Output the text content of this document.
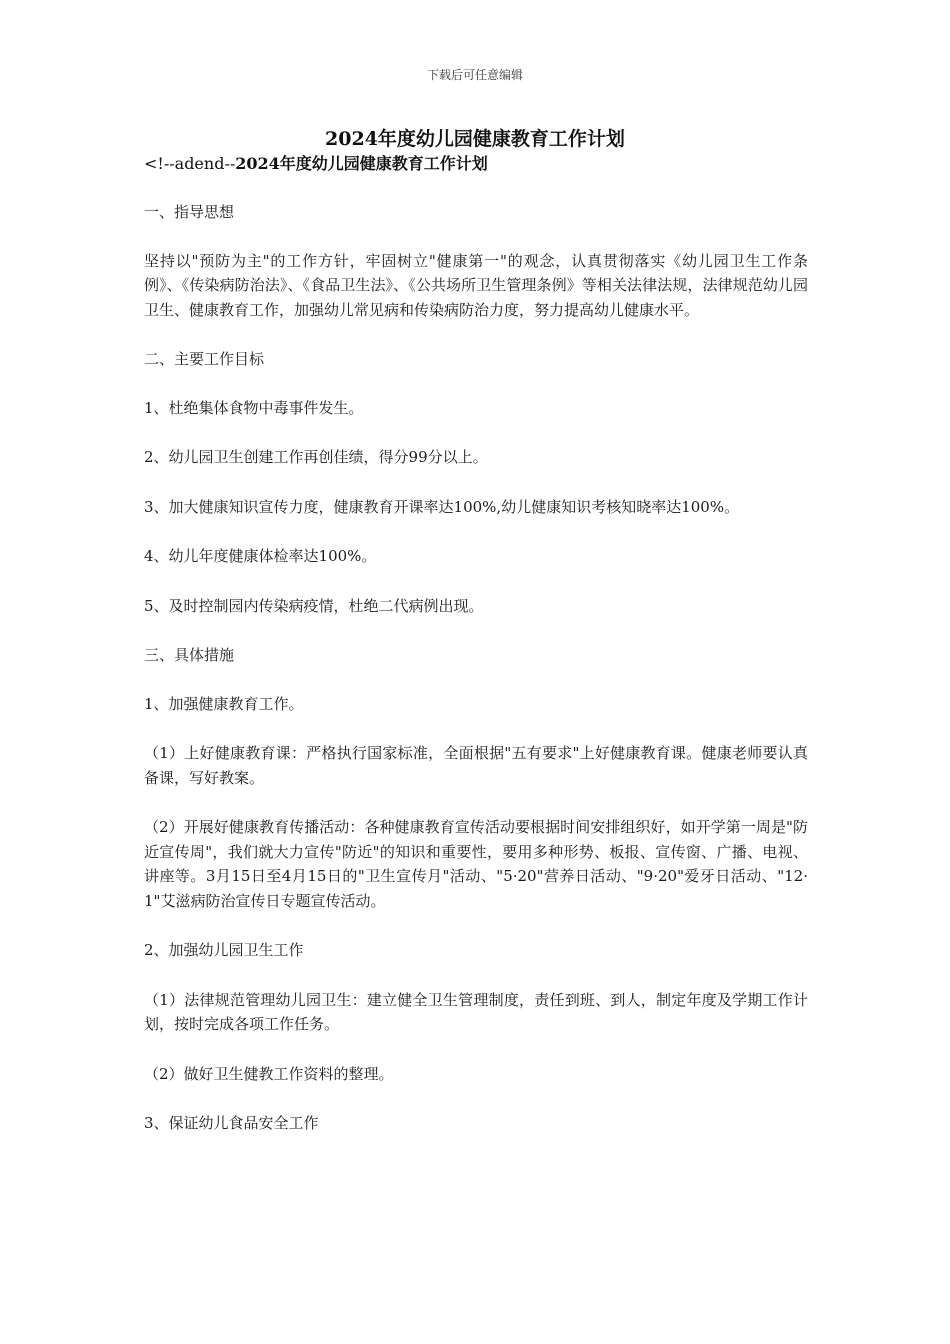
下载后可任意编辑
2024年度幼儿园健康教育工作计划
<!--adend--2024年度幼儿园健康教育工作计划

一、指导思想

坚持以"预防为主"的工作方针，牢固树立"健康第一"的观念，认真贯彻落实《幼儿园卫生工作条例》、《传染病防治法》、《食品卫生法》、《公共场所卫生管理条例》等相关法律法规，法律规范幼儿园卫生、健康教育工作，加强幼儿常见病和传染病防治力度，努力提高幼儿健康水平。

二、主要工作目标

1、杜绝集体食物中毒事件发生。

2、幼儿园卫生创建工作再创佳绩，得分99分以上。

3、加大健康知识宣传力度，健康教育开课率达100%,幼儿健康知识考核知晓率达100%。

4、幼儿年度健康体检率达100%。

5、及时控制园内传染病疫情，杜绝二代病例出现。

三、具体措施

1、加强健康教育工作。

（1）上好健康教育课：严格执行国家标准，全面根据"五有要求"上好健康教育课。健康老师要认真备课，写好教案。

（2）开展好健康教育传播活动：各种健康教育宣传活动要根据时间安排组织好，如开学第一周是"防近宣传周"，我们就大力宣传"防近"的知识和重要性，要用多种形势、板报、宣传窗、广播、电视、讲座等。3月15日至4月15日的"卫生宣传月"活动、"5·20"营养日活动、"9·20"爱牙日活动、"12·1"艾滋病防治宣传日专题宣传活动。

2、加强幼儿园卫生工作

（1）法律规范管理幼儿园卫生：建立健全卫生管理制度，责任到班、到人，制定年度及学期工作计划，按时完成各项工作任务。

（2）做好卫生健教工作资料的整理。

3、保证幼儿食品安全工作
